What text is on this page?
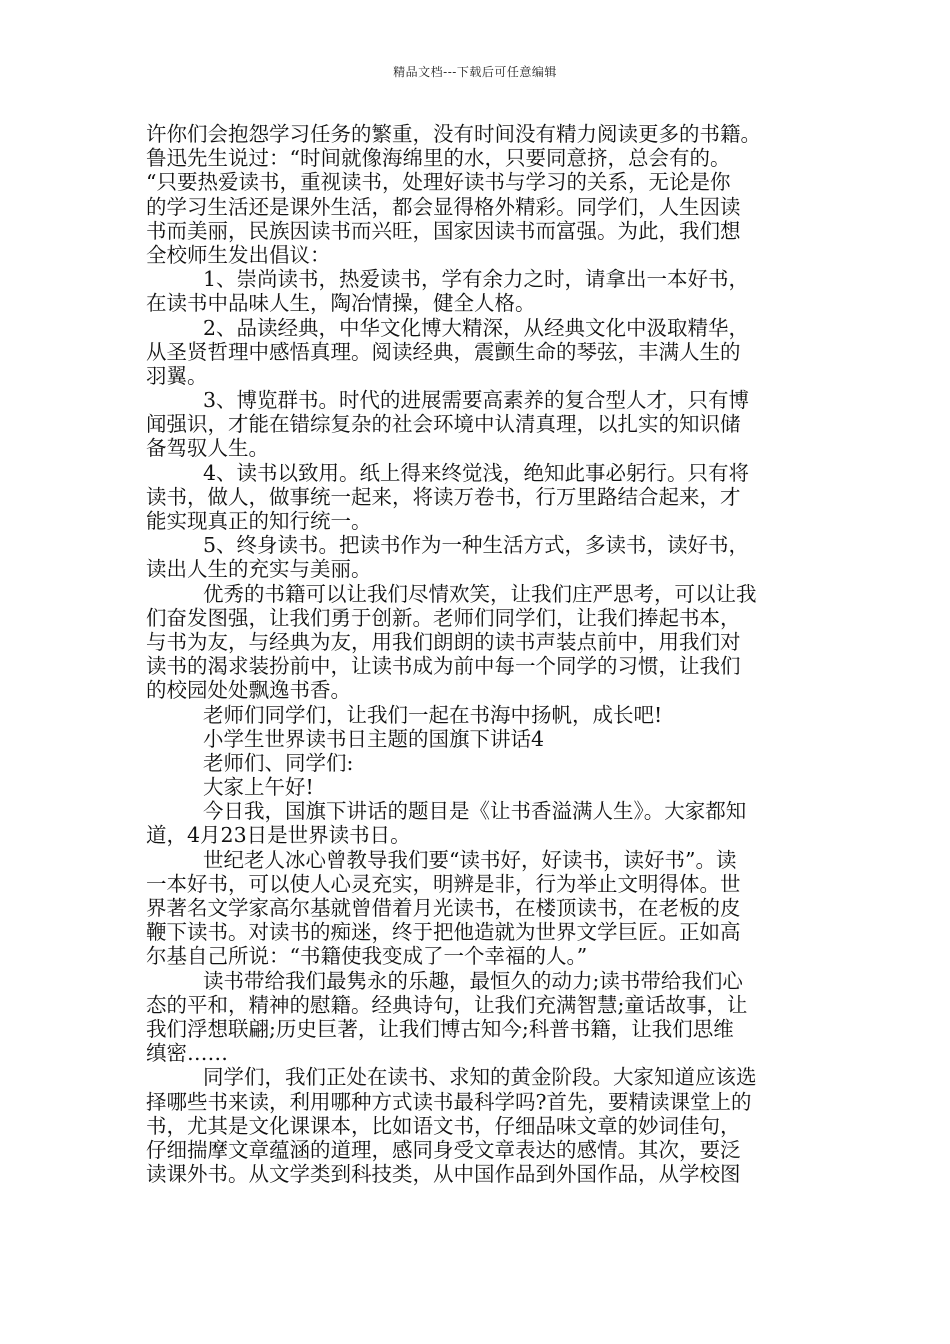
精品文档---下载后可任意编辑
许你们会抱怨学习任务的繁重，没有时间没有精力阅读更多的书籍。
鲁迅先生说过：“时间就像海绵里的水，只要同意挤，总会有的。
“只要热爱读书，重视读书，处理好读书与学习的关系，无论是你
的学习生活还是课外生活，都会显得格外精彩。同学们，人生因读
书而美丽，民族因读书而兴旺，国家因读书而富强。为此，我们想
全校师生发出倡议：
1、崇尚读书，热爱读书，学有余力之时，请拿出一本好书，
在读书中品味人生，陶冶情操，健全人格。
2、品读经典，中华文化博大精深，从经典文化中汲取精华，
从圣贤哲理中感悟真理。阅读经典，震颤生命的琴弦，丰满人生的
羽翼。
3、博览群书。时代的进展需要高素养的复合型人才，只有博
闻强识，才能在错综复杂的社会环境中认清真理，以扎实的知识储
备驾驭人生。
4、读书以致用。纸上得来终觉浅，绝知此事必躬行。只有将
读书，做人，做事统一起来，将读万卷书，行万里路结合起来，才
能实现真正的知行统一。
5、终身读书。把读书作为一种生活方式，多读书，读好书，
读出人生的充实与美丽。
优秀的书籍可以让我们尽情欢笑，让我们庄严思考，可以让我
们奋发图强，让我们勇于创新。老师们同学们，让我们捧起书本，
与书为友，与经典为友，用我们朗朗的读书声装点前中，用我们对
读书的渴求装扮前中，让读书成为前中每一个同学的习惯，让我们
的校园处处飘逸书香。
老师们同学们，让我们一起在书海中扬帆，成长吧!
小学生世界读书日主题的国旗下讲话4
老师们、同学们:
大家上午好!
今日我，国旗下讲话的题目是《让书香溢满人生》。大家都知
道，4月23日是世界读书日。
世纪老人冰心曾教导我们要“读书好，好读书，读好书”。读
一本好书，可以使人心灵充实，明辨是非，行为举止文明得体。世
界著名文学家高尔基就曾借着月光读书，在楼顶读书，在老板的皮
鞭下读书。对读书的痴迷，终于把他造就为世界文学巨匠。正如高
尔基自己所说：“书籍使我变成了一个幸福的人。”
读书带给我们最隽永的乐趣，最恒久的动力;读书带给我们心
态的平和，精神的慰籍。经典诗句，让我们充满智慧;童话故事，让
我们浮想联翩;历史巨著，让我们博古知今;科普书籍，让我们思维
缜密……
同学们，我们正处在读书、求知的黄金阶段。大家知道应该选
择哪些书来读，利用哪种方式读书最科学吗?首先，要精读课堂上的
书，尤其是文化课课本，比如语文书，仔细品味文章的妙词佳句，
仔细揣摩文章蕴涵的道理，感同身受文章表达的感情。其次，要泛
读课外书。从文学类到科技类，从中国作品到外国作品，从学校图
